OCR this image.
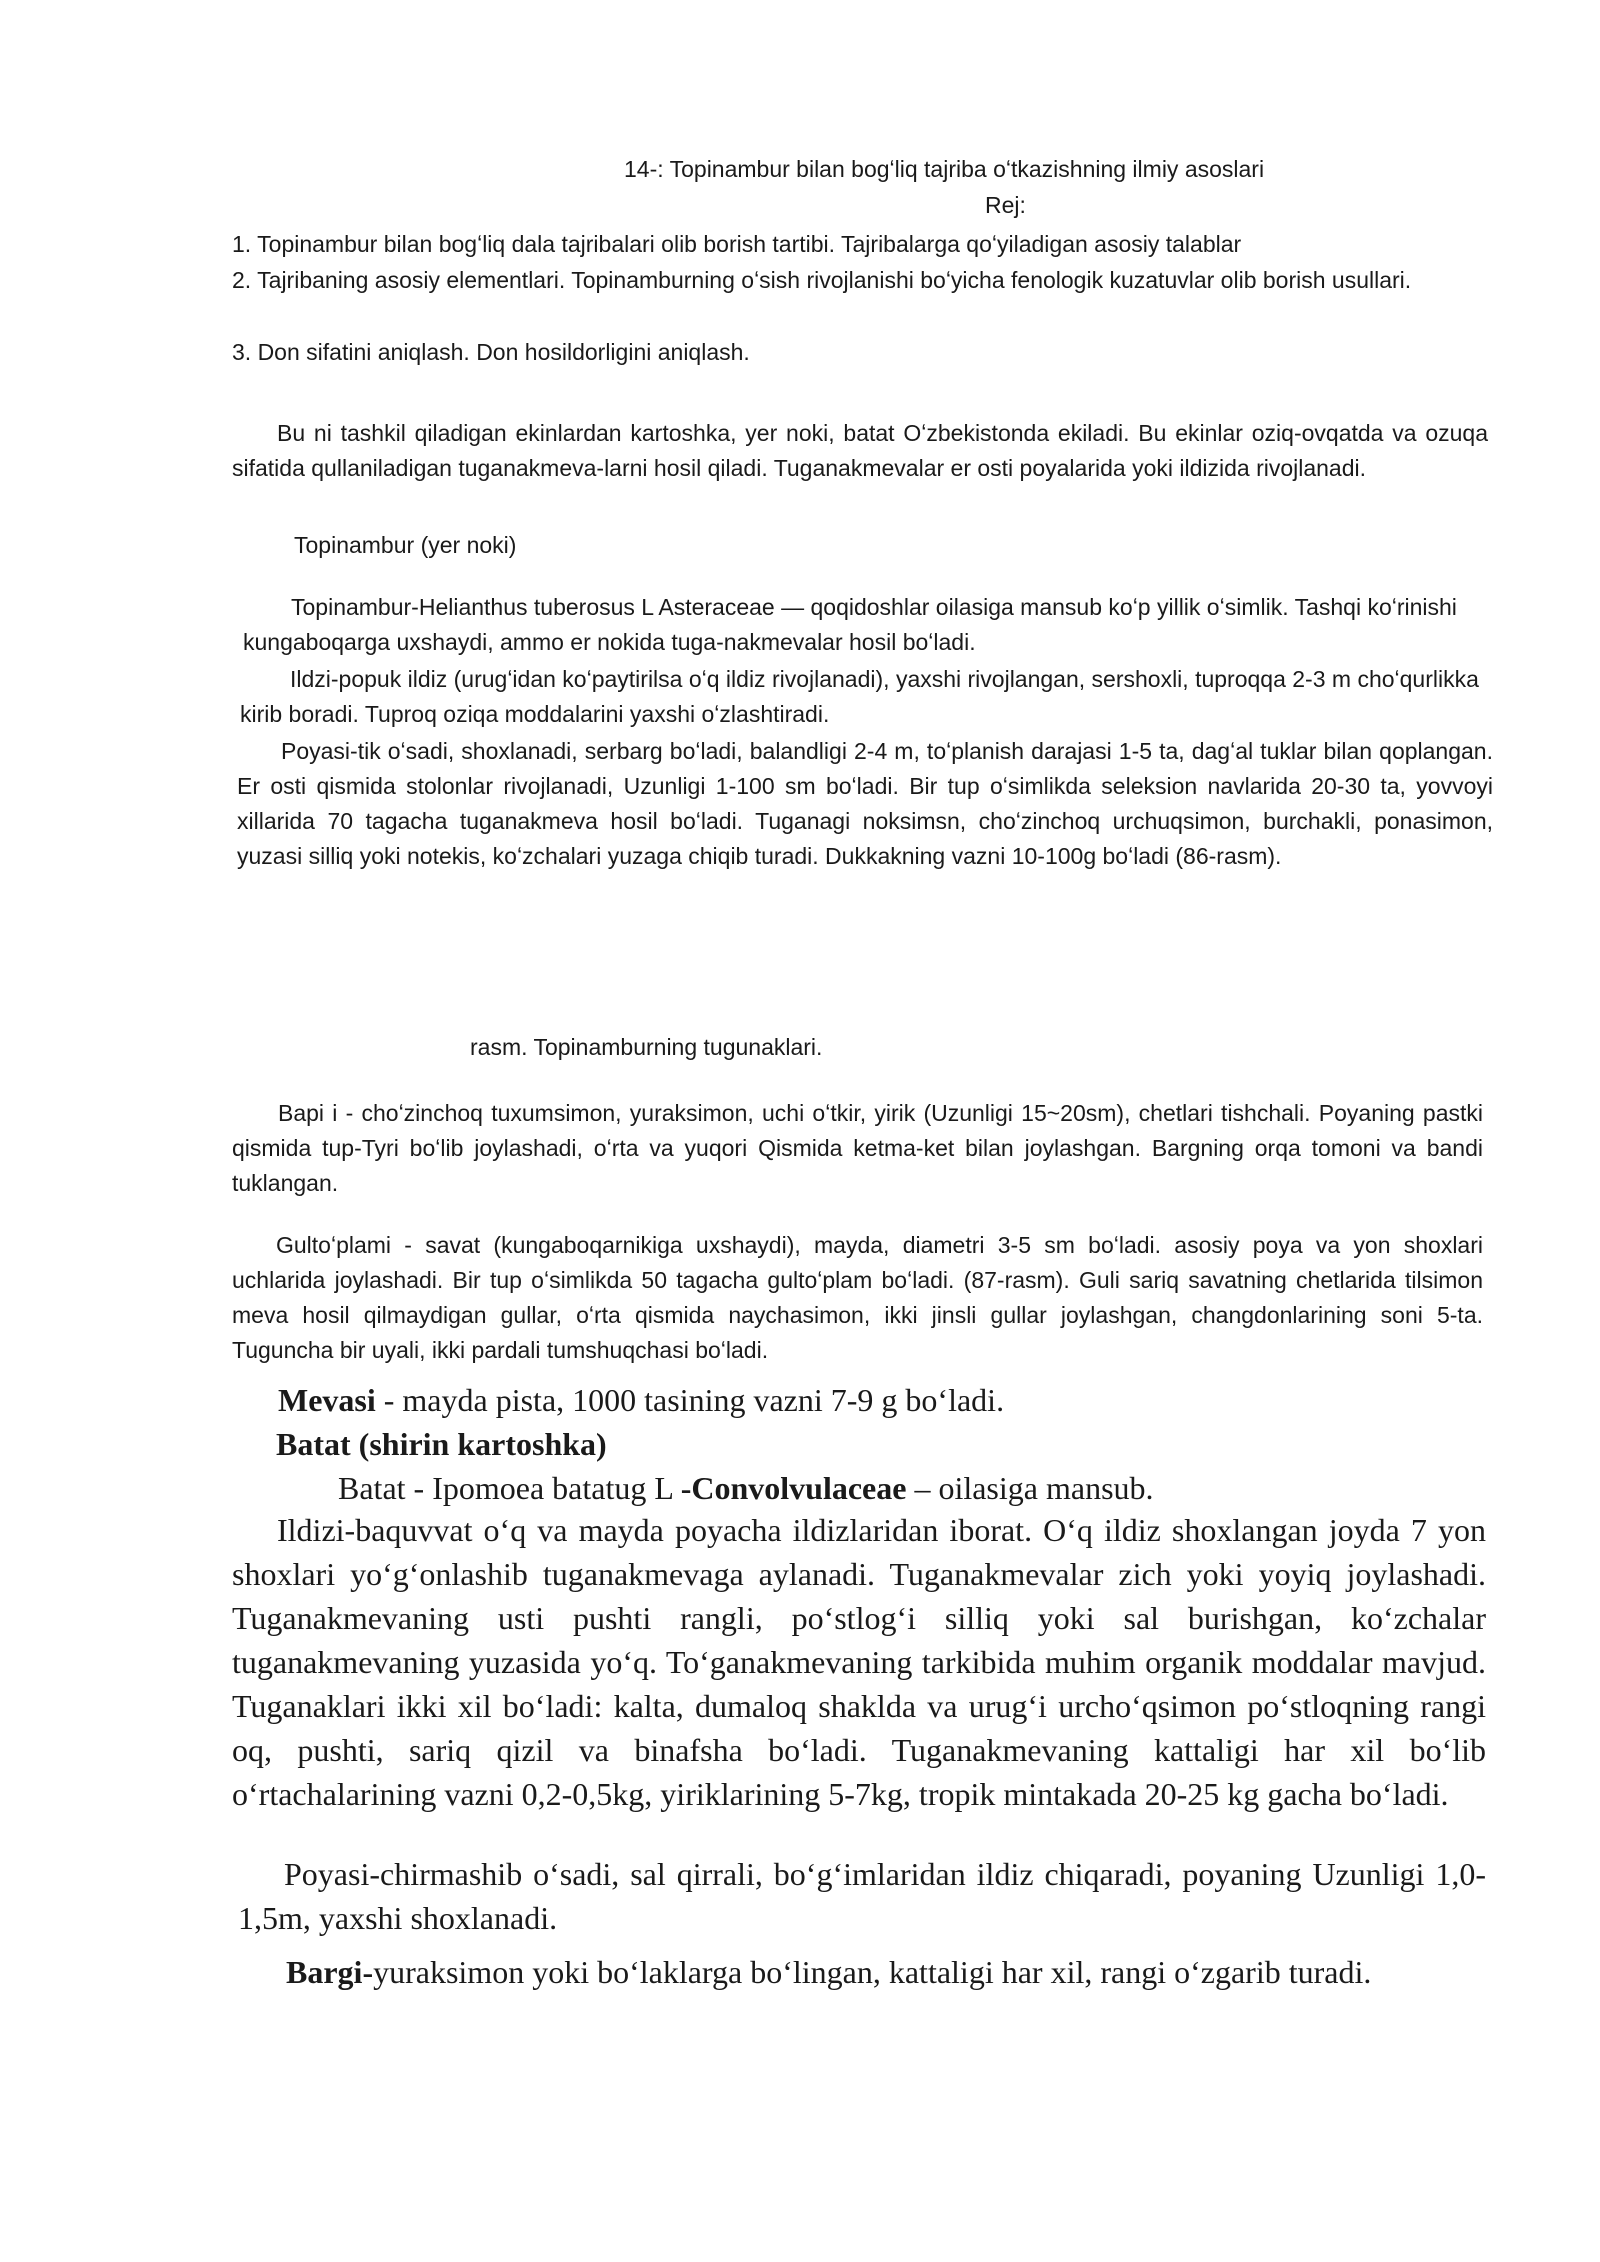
14-: Topinambur bilan bogʻliq tajriba oʻtkazishning ilmiy asoslari
Rej:
1. Topinambur bilan bogʻliq dala tajribalari olib borish tartibi. Tajribalarga qoʻyiladigan asosiy talablar
2. Tajribaning asosiy elementlari. Topinamburning oʻsish rivojlanishi boʻyicha fenologik kuzatuvlar olib borish usullari.
3. Don sifatini aniqlash. Don hosildorligini aniqlash.

Bu ni tashkil qiladigan ekinlardan kartoshka, yer noki, batat Oʻzbekistonda ekiladi. Bu ekinlar oziq-ovqatda va ozuqa sifatida qullaniladigan tuganakmeva-larni hosil qiladi. Tuganakmevalar er osti poyalarida yoki ildizida rivojlanadi.

Topinambur (yer noki)

Topinambur-Helianthus tuberosus L Asteraceae — qoqidoshlar oilasiga mansub koʻp yillik oʻsimlik. Tashqi koʻrinishi kungaboqarga uxshaydi, ammo er nokida tuga-nakmevalar hosil boʻladi.

Ildzi-popuk ildiz (urugʻidan koʻpaytirilsa oʻq ildiz rivojlanadi), yaxshi rivojlangan, sershoxli, tuproqqa 2-3 m choʻqurlikka kirib boradi. Tuproq oziqa moddalarini yaxshi oʻzlashtiradi.

Poyasi-tik oʻsadi, shoxlanadi, serbarg boʻladi, balandligi 2-4 m, toʻplanish darajasi 1-5 ta, dagʻal tuklar bilan qoplangan. Er osti qismida stolonlar rivojlanadi, Uzunligi 1-100 sm boʻladi. Bir tup oʻsimlikda seleksion navlarida 20-30 ta, yovvoyi xillarida 70 tagacha tuganakmeva hosil boʻladi. Tuganagi noksimsn, choʻzinchoq urchuqsimon, burchakli, ponasimon, yuzasi silliq yoki notekis, koʻzchalari yuzaga chiqib turadi. Dukkakning vazni 10-100g boʻladi (86-rasm).

rasm. Topinamburning tugunaklari.

Bapi i - choʻzinchoq tuxumsimon, yuraksimon, uchi oʻtkir, yirik (Uzunligi 15~20sm), chetlari tishchali. Poyaning pastki qismida tup-Tyri boʻlib joylashadi, oʻrta va yuqori Qismida ketma-ket bilan joylashgan. Bargning orqa tomoni va bandi tuklangan.

Gultoʻplami - savat (kungaboqarnikiga uxshaydi), mayda, diametri 3-5 sm boʻladi. asosiy poya va yon shoxlari uchlarida joylashadi. Bir tup oʻsimlikda 50 tagacha gultoʻplam boʻladi. (87-rasm). Guli sariq savatning chetlarida tilsimon meva hosil qilmaydigan gullar, oʻrta qismida naychasimon, ikki jinsli gullar joylashgan, changdonlarining soni 5-ta. Tuguncha bir uyali, ikki pardali tumshuqchasi boʻladi.

Mevasi - mayda pista, 1000 tasining vazni 7-9 g boʻladi.
Batat (shirin kartoshka)
Batat - Ipomoea batatug L -Convolvulaceae – oilasiga mansub.

Ildizi-baquvvat oʻq va mayda poyacha ildizlaridan iborat. Oʻq ildiz shoxlangan joyda 7 yon shoxlari yoʻgʻonlashib tuganakmevaga aylanadi. Tuganakmevalar zich yoki yoyiq joylashadi. Tuganakmevaning usti pushti rangli, poʻstlogʻi silliq yoki sal burishgan, koʻzchalar tuganakmevaning yuzasida yoʻq. Toʻganakmevaning tarkibida muhim organik moddalar mavjud. Tuganaklari ikki xil boʻladi: kalta, dumaloq shaklda va urugʻi urchoʻqsimon poʻstloqning rangi oq, pushti, sariq qizil va binafsha boʻladi. Tuganakmevaning kattaligi har xil boʻlib oʻrtachalarining vazni 0,2-0,5kg, yiriklarining 5-7kg, tropik mintakada 20-25 kg gacha boʻladi.

Poyasi-chirmashib oʻsadi, sal qirrali, boʻgʻimlaridan ildiz chiqaradi, poyaning Uzunligi 1,0-1,5m, yaxshi shoxlanadi.

Bargi-yuraksimon yoki boʻlaklarga boʻlingan, kattaligi har xil, rangi oʻzgarib turadi.
